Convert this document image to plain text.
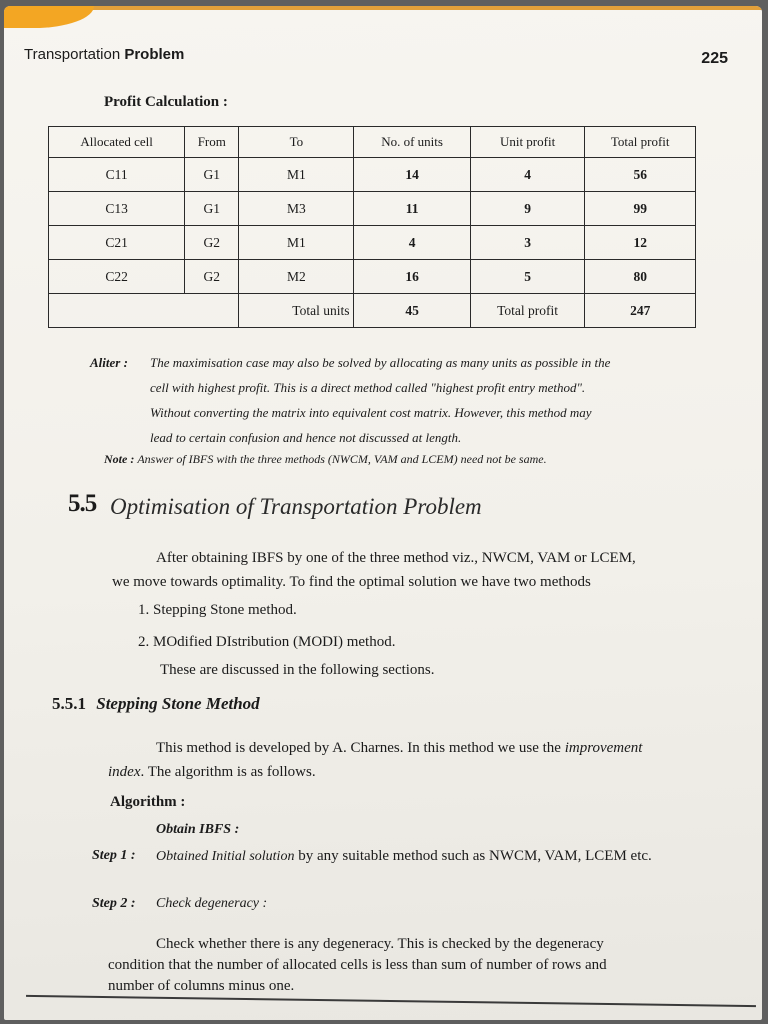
Transportation Problem	225
Profit Calculation :
Allocated cell	From	To	No. of units	Unit profit	Total profit
C11	G1	M1	14	4	56
C13	G1	M3	11	9	99
C21	G2	M1	4	3	12
C22	G2	M2	16	5	80
		Total units	45	Total profit	247
Aliter :	The maximisation case may also be solved by allocating as many units as possible in the
cell with highest profit. This is a direct method called "highest profit entry method".
Without converting the matrix into equivalent cost matrix. However, this method may
lead to certain confusion and hence not discussed at length.
Note : Answer of IBFS with the three methods (NWCM, VAM and LCEM) need not be same.
5.5 Optimisation of Transportation Problem
After obtaining IBFS by one of the three method viz., NWCM, VAM or LCEM,
we move towards optimality. To find the optimal solution we have two methods
1. Stepping Stone method.
2. MOdified DIstribution (MODI) method.
These are discussed in the following sections.
5.5.1 Stepping Stone Method
This method is developed by A. Charnes. In this method we use the improvement
index. The algorithm is as follows.
Algorithm :
Obtain IBFS :
Step 1 :	Obtained Initial solution by any suitable method such as NWCM, VAM, LCEM etc.
Step 2 :	Check degeneracy :
Check whether there is any degeneracy. This is checked by the degeneracy
condition that the number of allocated cells is less than sum of number of rows and
number of columns minus one.
